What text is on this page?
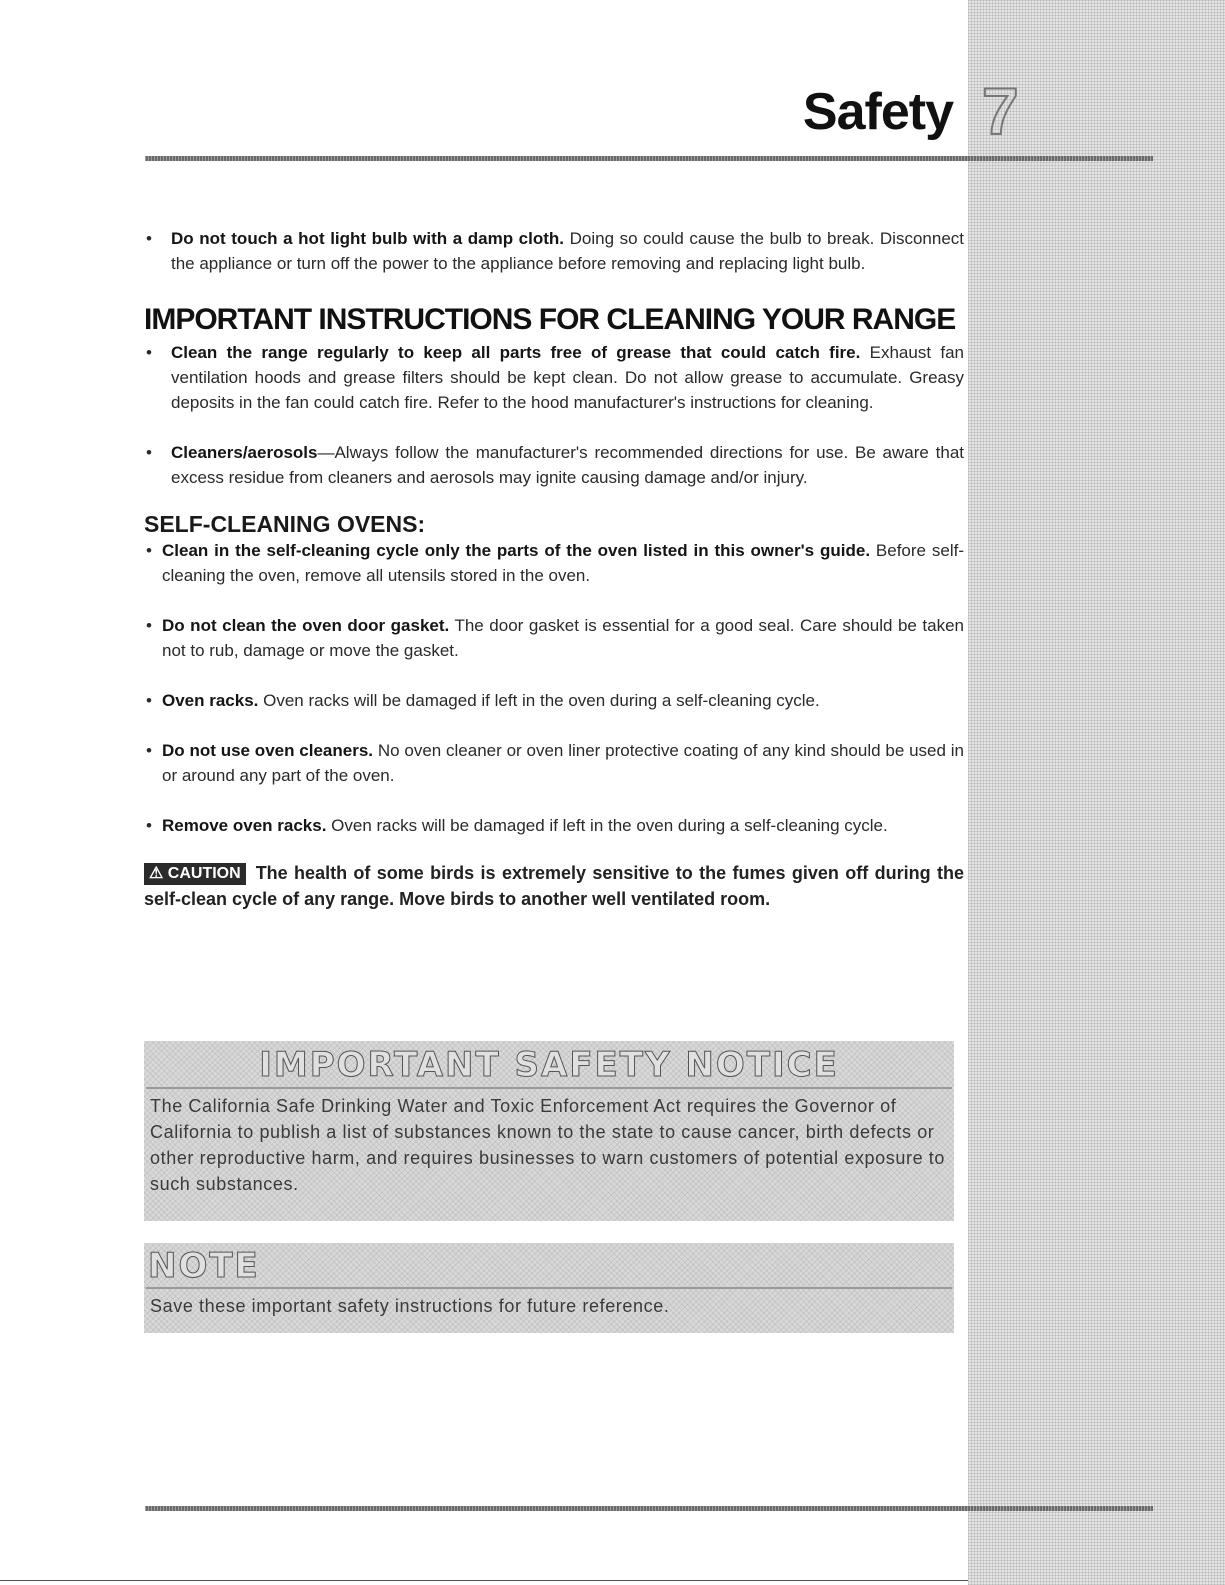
Safety 7
• Do not touch a hot light bulb with a damp cloth. Doing so could cause the bulb to break. Disconnect the appliance or turn off the power to the appliance before removing and replacing light bulb.
IMPORTANT INSTRUCTIONS FOR CLEANING YOUR RANGE
• Clean the range regularly to keep all parts free of grease that could catch fire. Exhaust fan ventilation hoods and grease filters should be kept clean. Do not allow grease to accumulate. Greasy deposits in the fan could catch fire. Refer to the hood manufacturer's instructions for cleaning.
• Cleaners/aerosols—Always follow the manufacturer's recommended directions for use. Be aware that excess residue from cleaners and aerosols may ignite causing damage and/or injury.
SELF-CLEANING OVENS:
• Clean in the self-cleaning cycle only the parts of the oven listed in this owner's guide. Before self-cleaning the oven, remove all utensils stored in the oven.
• Do not clean the oven door gasket. The door gasket is essential for a good seal. Care should be taken not to rub, damage or move the gasket.
• Oven racks. Oven racks will be damaged if left in the oven during a self-cleaning cycle.
• Do not use oven cleaners. No oven cleaner or oven liner protective coating of any kind should be used in or around any part of the oven.
• Remove oven racks. Oven racks will be damaged if left in the oven during a self-cleaning cycle.
⚠ CAUTION The health of some birds is extremely sensitive to the fumes given off during the self-clean cycle of any range. Move birds to another well ventilated room.
IMPORTANT SAFETY NOTICE
The California Safe Drinking Water and Toxic Enforcement Act requires the Governor of California to publish a list of substances known to the state to cause cancer, birth defects or other reproductive harm, and requires businesses to warn customers of potential exposure to such substances.
NOTE
Save these important safety instructions for future reference.
